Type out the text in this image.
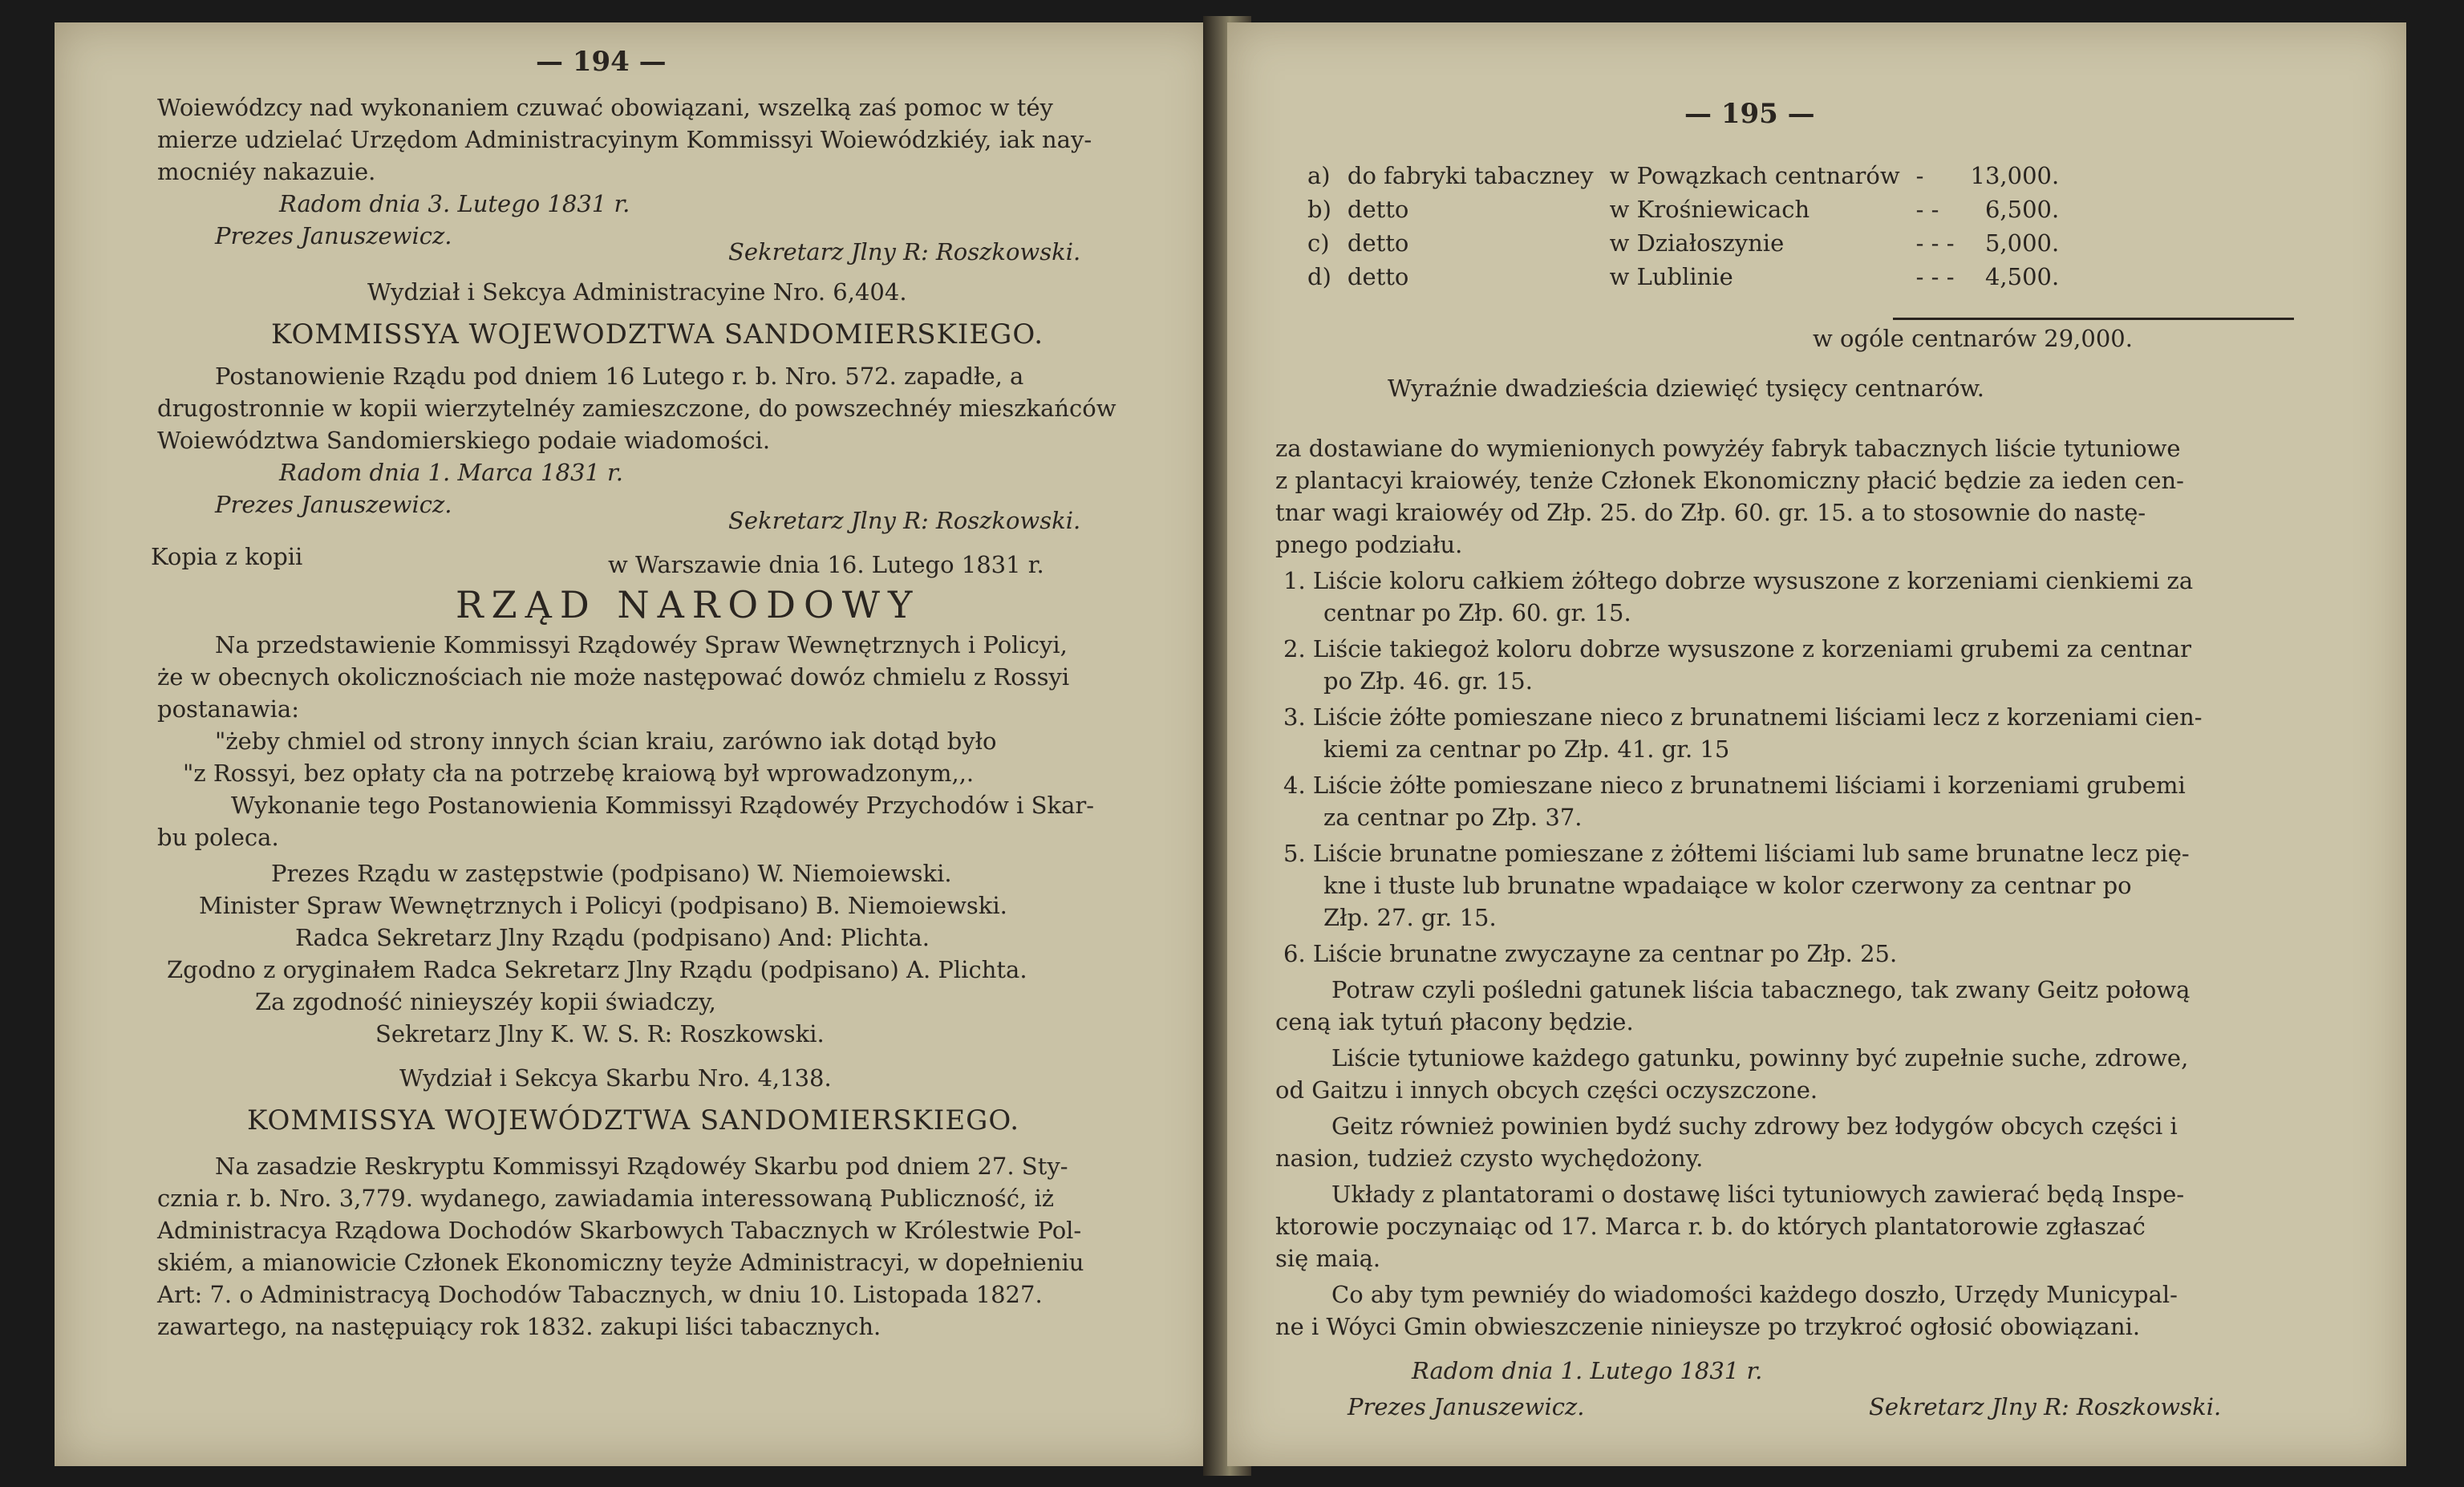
— 194 —
Woiewódzcy nad wykonaniem czuwać obowiązani, wszelką zaś pomoc w téy
mierze udzielać Urzędom Administracyinym Kommissyi Woiewódzkiéy, iak nay-
mocniéy nakazuie.
Radom dnia 3. Lutego 1831 r.
Prezes Januszewicz.
Sekretarz Jlny R: Roszkowski.
Wydział i Sekcya Administracyine Nro. 6,404.
KOMMISSYA WOJEWODZTWA SANDOMIERSKIEGO.
Postanowienie Rządu pod dniem 16 Lutego r. b. Nro. 572. zapadłe, a
drugostronnie w kopii wierzytelnéy zamieszczone, do powszechnéy mieszkańców
Woiewództwa Sandomierskiego podaie wiadomości.
Radom dnia 1. Marca 1831 r.
Prezes Januszewicz.
Sekretarz Jlny R: Roszkowski.
Kopia z kopii	w Warszawie dnia 16. Lutego 1831 r.
RZĄD NARODOWY
Na przedstawienie Kommissyi Rządowéy Spraw Wewnętrznych i Policyi,
że w obecnych okolicznościach nie może następować dowóz chmielu z Rossyi
postanawia:
"żeby chmiel od strony innych ścian kraiu, zarówno iak dotąd było
"z Rossyi, bez opłaty cła na potrzebę kraiową był wprowadzonym,,.
Wykonanie tego Postanowienia Kommissyi Rządowéy Przychodów i Skar-
bu poleca.
Prezes Rządu w zastępstwie (podpisano) W. Niemoiewski.
Minister Spraw Wewnętrznych i Policyi (podpisano) B. Niemoiewski.
Radca Sekretarz Jlny Rządu (podpisano) And: Plichta.
Zgodno z oryginałem Radca Sekretarz Jlny Rządu (podpisano) A. Plichta.
Za zgodność ninieyszéy kopii świadczy,
Sekretarz Jlny K. W. S. R: Roszkowski.
Wydział i Sekcya Skarbu Nro. 4,138.
KOMMISSYA WOJEWÓDZTWA SANDOMIERSKIEGO.
Na zasadzie Reskryptu Kommissyi Rządowéy Skarbu pod dniem 27. Sty-
cznia r. b. Nro. 3,779. wydanego, zawiadamia interessowaną Publiczność, iż
Administracya Rządowa Dochodów Skarbowych Tabacznych w Królestwie Pol-
skiém, a mianowicie Członek Ekonomiczny teyże Administracyi, w dopełnieniu
Art: 7. o Administracyą Dochodów Tabacznych, w dniu 10. Listopada 1827.
zawartego, na następuiący rok 1832. zakupi liści tabacznych.
— 195 —
a)	do fabryki tabaczney	w Powązkach centnarów	-	13,000.
b)	detto	w Krośniewicach	- -	6,500.
c)	detto	w Działoszynie	- - -	5,000.
d)	detto	w Lublinie	- - -	4,500.
w ogóle centnarów 29,000.
Wyraźnie dwadzieścia dziewięć tysięcy centnarów.
za dostawiane do wymienionych powyżéy fabryk tabacznych liście tytuniowe
z plantacyi kraiowéy, tenże Członek Ekonomiczny płacić będzie za ieden cen-
tnar wagi kraiowéy od Złp. 25. do Złp. 60. gr. 15. a to stosownie do nastę-
pnego podziału.
1. Liście koloru całkiem żółtego dobrze wysuszone z korzeniami cienkiemi za
centnar po Złp. 60. gr. 15.
2. Liście takiegoż koloru dobrze wysuszone z korzeniami grubemi za centnar
po Złp. 46. gr. 15.
3. Liście żółte pomieszane nieco z brunatnemi liściami lecz z korzeniami cien-
kiemi za centnar po Złp. 41. gr. 15
4. Liście żółte pomieszane nieco z brunatnemi liściami i korzeniami grubemi
za centnar po Złp. 37.
5. Liście brunatne pomieszane z żółtemi liściami lub same brunatne lecz pię-
kne i tłuste lub brunatne wpadaiące w kolor czerwony za centnar po
Złp. 27. gr. 15.
6. Liście brunatne zwyczayne za centnar po Złp. 25.
Potraw czyli pośledni gatunek liścia tabacznego, tak zwany Geitz połową
ceną iak tytuń płacony będzie.
Liście tytuniowe każdego gatunku, powinny być zupełnie suche, zdrowe,
od Gaitzu i innych obcych części oczyszczone.
Geitz również powinien bydź suchy zdrowy bez łodygów obcych części i
nasion, tudzież czysto wychędożony.
Układy z plantatorami o dostawę liści tytuniowych zawierać będą Inspe-
ktorowie poczynaiąc od 17. Marca r. b. do których plantatorowie zgłaszać
się maią.
Co aby tym pewniéy do wiadomości każdego doszło, Urzędy Municypal-
ne i Wóyci Gmin obwieszczenie ninieysze po trzykroć ogłosić obowiązani.
Radom dnia 1. Lutego 1831 r.
Prezes Januszewicz.	Sekretarz Jlny R: Roszkowski.
